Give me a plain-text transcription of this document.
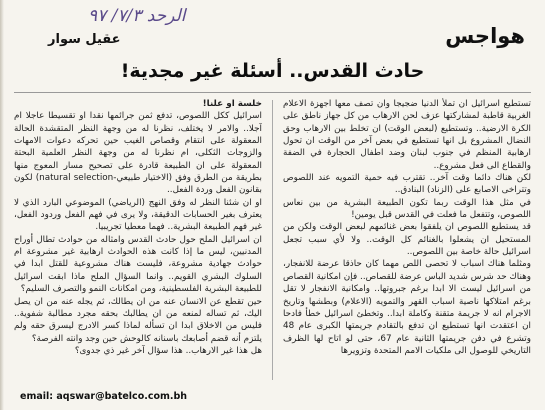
الرحد ٧/٣/ ٩٧
هواجس
عقيل سوار
حادث القدس.. أسئلة غير مجدية!

تستطيع اسرائيل ان تملأ الدنيا ضجيجا وان تصف معها اجهزة الاعلام الغربية قاطبة لمشاركتها عزف لحن الارهاب من كل جهاز ناطق على الكرة الارضية.. وتستطيع (لبعض الوقت) ان تخلط بين الارهاب وحق النضال المشروع بل انها تستطيع في بعض آخر من الوقت ان تحول ارهابية المنظم في جنوب لبنان وضد اطفال الحجارة في الضفة والقطاع الى فعل مشروع..

لكن هناك دائما وقت آخر.. تقترب فيه حمية التمويه عند اللصوص وتتراخى الاصابع على (الزناد) البنادق..

في مثل هذا الوقت ربما تكون الطبيعة البشرية من بين نعاس اللصوص، وتتفعل ما فعلت في القدس قبل يومين!

قد يستطيع اللصوص ان يلفقوا بعض غنائمهم لبعض الوقت ولكن من المستحيل ان يشعلوا بالغنائم كل الوقت.. ولا لأي سبب تجعل اسرائيل حالة خاصة بين اللصوص..

ومثلما هناك اسباب لا تحصى اللص مهما كان حاذقا عرضة للانفجار، وهناك حد شرس شديد الباس عرضة للقصاص.. فإن امكانية القصاص من اسرائيل ليست الا ابدا برغم جبروتها.. وامكانية الانفجار لا تقل برغم امتلاكها ناصية اسباب القهر والتمويه (الاعلام) وبطشها وتاريخ الاجرام انه لا جريمة متقنة وكاملة ابدا.. وتخطئ اسرائيل خطأ فادحا ان اعتقدت انها تستطيع ان تدفع بالتقادم جريمتها الكبرى عام 48 وتشرع في دفن جريمتها الثانية عام 67، حتى لو اتاح لها الظرف التاريخي للوصول الى ملكيات الامم المتحدة وتزويرها

خلسة او علنا!

اسرائيل ككل اللصوص، تدفع ثمن جرائمها نقدا او تقسيطا عاجلا ام آجلا.. والامر لا يختلف، نظرنا له من وجهة النظر المتقشدة الحالة المعقولة على انتقام وقصاص الغيب حين تحركه دعوات الامهات والزوجات الثكلى، ام نظرنا له من وجهة النظر العلمية البحتة المعقولة على ان الطبيعة قادرة على تصحيح مسار المعوج منها بطريقة من الطرق وفق (الاختيار طبيعي-natural selection) لكون بقانون الفعل وردة الفعل..

او ان شئنا النظر له وفق النهج (الرياضي) الموضوعي البارد الذي لا يعترف بغير الحسابات الدقيقة، ولا يرى في فهم الفعل وردود الفعل، غير فهم الطبيعة البشرية.. فهما معطيا تجريبيا.

ان اسرائيل الملح حول حادث القدس وامثاله من حوادث تطال أوراح المدنيين، ليس ما إذا كانت هذه الحوادث ارهابية غير مشروعة ام حوادث جهادية مشروعة، فليست هناك مشروعية للقتل ابدا في السلوك البشري القويم.. وانما السؤال الملح ماذا ابقت اسرائيل للطبيعة البشرية الفلسطينية، ومن امكانات النمو والتصرف السليم؟

حين تقطع عن الانسان عنه من ان يطالك، ثم يجله عنه من ان يصل اليك، ثم تساله لمنعه من ان يطالبك بحقه مجرد مطالبة شفوية.. فليس من الاخلاق ابدا ان تسأله لماذا كسر الادرج ليسرق حقه ولم يلتزم أنه قضم أصابعك باسنانه كالوحش حين وجد وانته الفرصة؟

هل هذا غير الارهاب.. هذا سؤال آخر غير ذي جدوى؟

email: aqswar@batelco.com.bh
